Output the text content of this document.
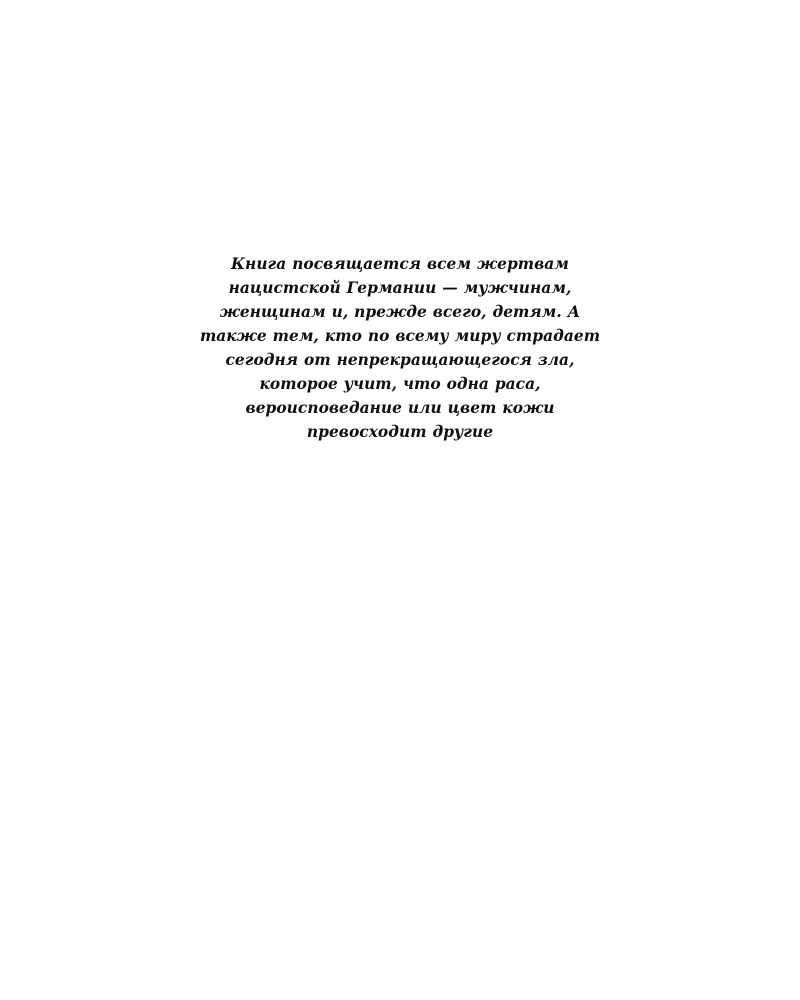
Книга посвящается всем жертвам нацистской Германии — мужчинам, женщинам и, прежде всего, детям. А также тем, кто по всему миру страдает сегодня от непрекращающегося зла, которое учит, что одна раса, вероисповедание или цвет кожи превосходит другие
